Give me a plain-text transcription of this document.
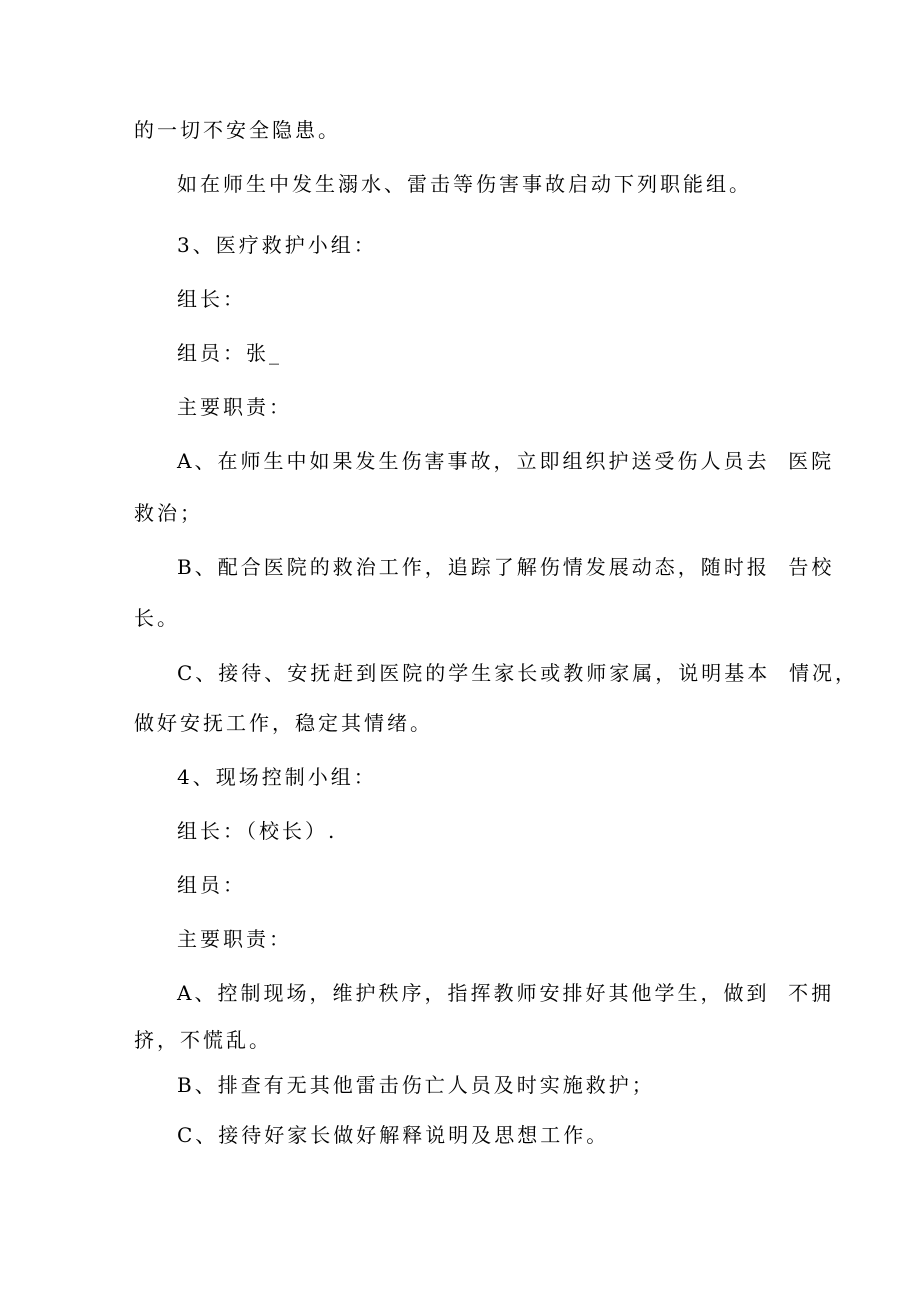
的一切不安全隐患。
如在师生中发生溺水、雷击等伤害事故启动下列职能组。
3、医疗救护小组：
组长：
组员：张_
主要职责：
A、在师生中如果发生伤害事故，立即组织护送受伤人员去  医院
救治；
B、配合医院的救治工作，追踪了解伤情发展动态，随时报  告校
长。
C、接待、安抚赶到医院的学生家长或教师家属，说明基本  情况，
做好安抚工作，稳定其情绪。
4、现场控制小组：
组长：（校长）.
组员：
主要职责：
A、控制现场，维护秩序，指挥教师安排好其他学生，做到  不拥
挤，不慌乱。
B、排查有无其他雷击伤亡人员及时实施救护；
C、接待好家长做好解释说明及思想工作。
